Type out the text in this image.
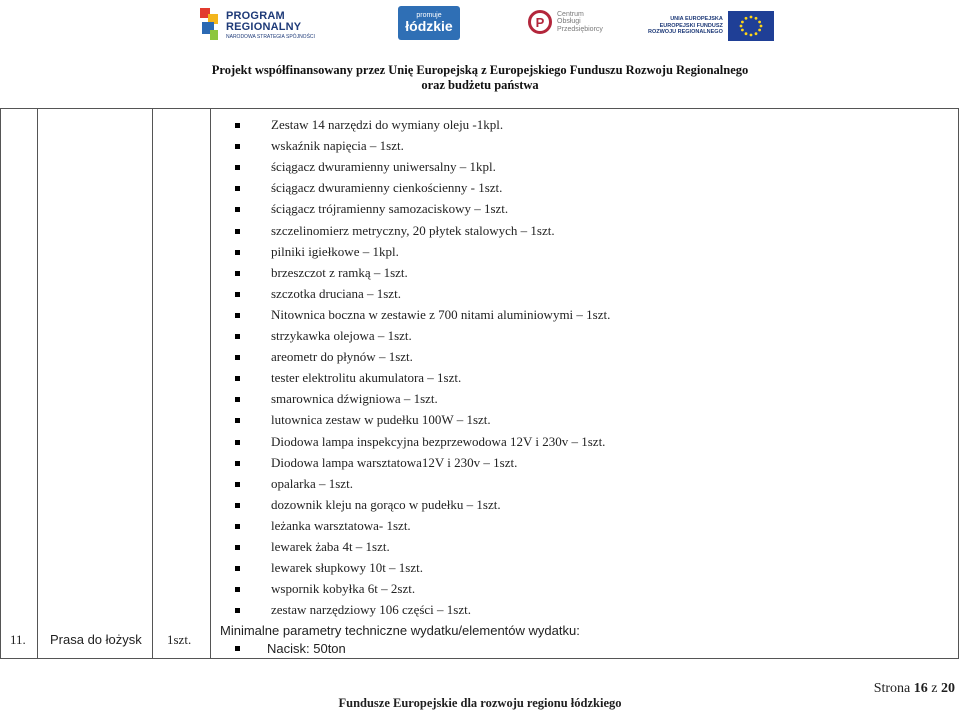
PROGRAM
REGIONALNY
NARODOWA STRATEGIA SPÓJNOŚCI
promuje
łódzkie	P
Centrum
Obsługi
Przedsiębiorcy
UNIA EUROPEJSKA
EUROPEJSKI FUNDUSZ
ROZWOJU REGIONALNEGO
Projekt współfinansowany przez Unię Europejską z Europejskiego Funduszu Rozwoju Regionalnego
oraz budżetu państwa
11. Prasa do łożysk 1szt.
Zestaw 14 narzędzi do wymiany oleju -1kpl.
wskaźnik napięcia – 1szt.
ściągacz dwuramienny uniwersalny – 1kpl.
ściągacz dwuramienny cienkościenny - 1szt.
ściągacz trójramienny samozaciskowy – 1szt.
szczelinomierz metryczny, 20 płytek stalowych – 1szt.
pilniki igiełkowe – 1kpl.
brzeszczot z ramką – 1szt.
szczotka druciana – 1szt.
Nitownica boczna w zestawie z 700 nitami aluminiowymi – 1szt.
strzykawka olejowa – 1szt.
areometr do płynów – 1szt.
tester elektrolitu akumulatora – 1szt.
smarownica dźwigniowa – 1szt.
lutownica zestaw w pudełku 100W – 1szt.
Diodowa lampa inspekcyjna bezprzewodowa 12V i 230v – 1szt.
Diodowa lampa warsztatowa12V i 230v – 1szt.
opalarka – 1szt.
dozownik kleju na gorąco w pudełku – 1szt.
leżanka warsztatowa- 1szt.
lewarek żaba 4t – 1szt.
lewarek słupkowy 10t – 1szt.
wspornik kobyłka 6t – 2szt.
zestaw narzędziowy 106 części – 1szt.
Minimalne parametry techniczne wydatku/elementów wydatku:
Nacisk: 50ton
Fundusze Europejskie dla rozwoju regionu łódzkiego
Strona 16 z 20
